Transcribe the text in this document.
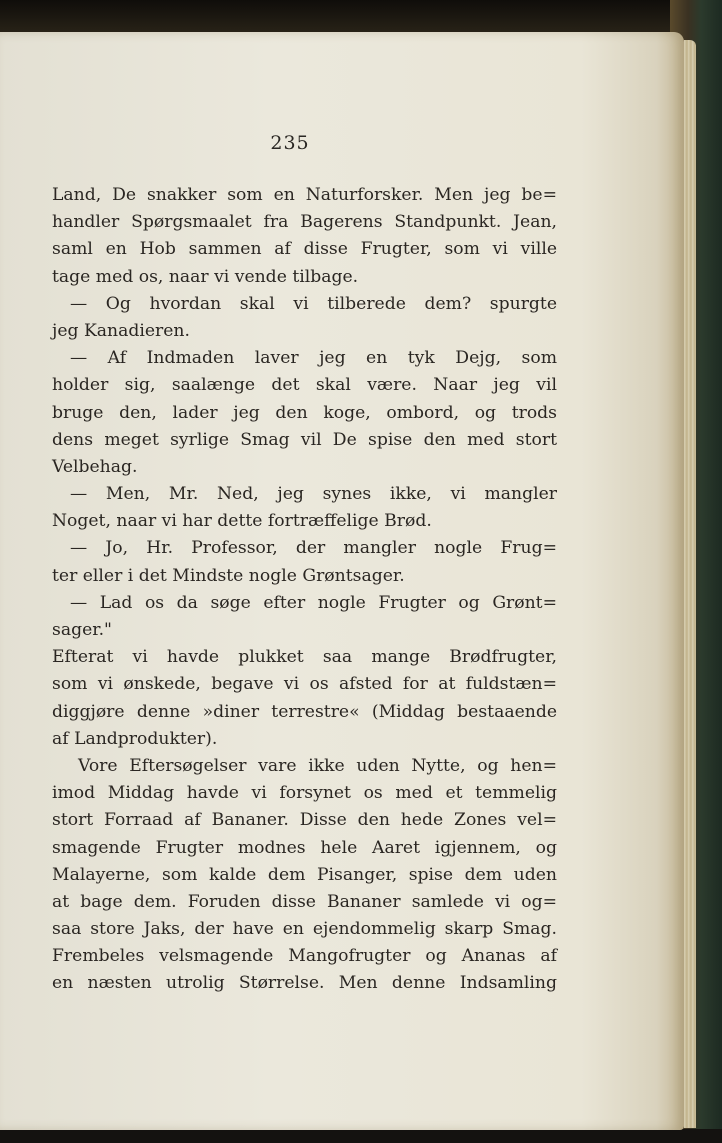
235
Land, De snakker som en Naturforsker. Men jeg be=
handler Spørgsmaalet fra Bagerens Standpunkt. Jean,
saml en Hob sammen af disse Frugter, som vi ville
tage med os, naar vi vende tilbage.
— Og hvordan skal vi tilberede dem? spurgte
jeg Kanadieren.
— Af Indmaden laver jeg en tyk Dejg, som
holder sig, saalænge det skal være. Naar jeg vil
bruge den, lader jeg den koge, ombord, og trods
dens meget syrlige Smag vil De spise den med stort
Velbehag.
— Men, Mr. Ned, jeg synes ikke, vi mangler
Noget, naar vi har dette fortræffelige Brød.
— Jo, Hr. Professor, der mangler nogle Frug=
ter eller i det Mindste nogle Grøntsager.
— Lad os da søge efter nogle Frugter og Grønt=
sager."
Efterat vi havde plukket saa mange Brødfrugter,
som vi ønskede, begave vi os afsted for at fuldstæn=
diggjøre denne »diner terrestre« (Middag bestaaende
af Landprodukter).
Vore Eftersøgelser vare ikke uden Nytte, og hen=
imod Middag havde vi forsynet os med et temmelig
stort Forraad af Bananer. Disse den hede Zones vel=
smagende Frugter modnes hele Aaret igjennem, og
Malayerne, som kalde dem Pisanger, spise dem uden
at bage dem. Foruden disse Bananer samlede vi og=
saa store Jaks, der have en ejendommelig skarp Smag.
Frembeles velsmagende Mangofrugter og Ananas af
en næsten utrolig Størrelse. Men denne Indsamling
